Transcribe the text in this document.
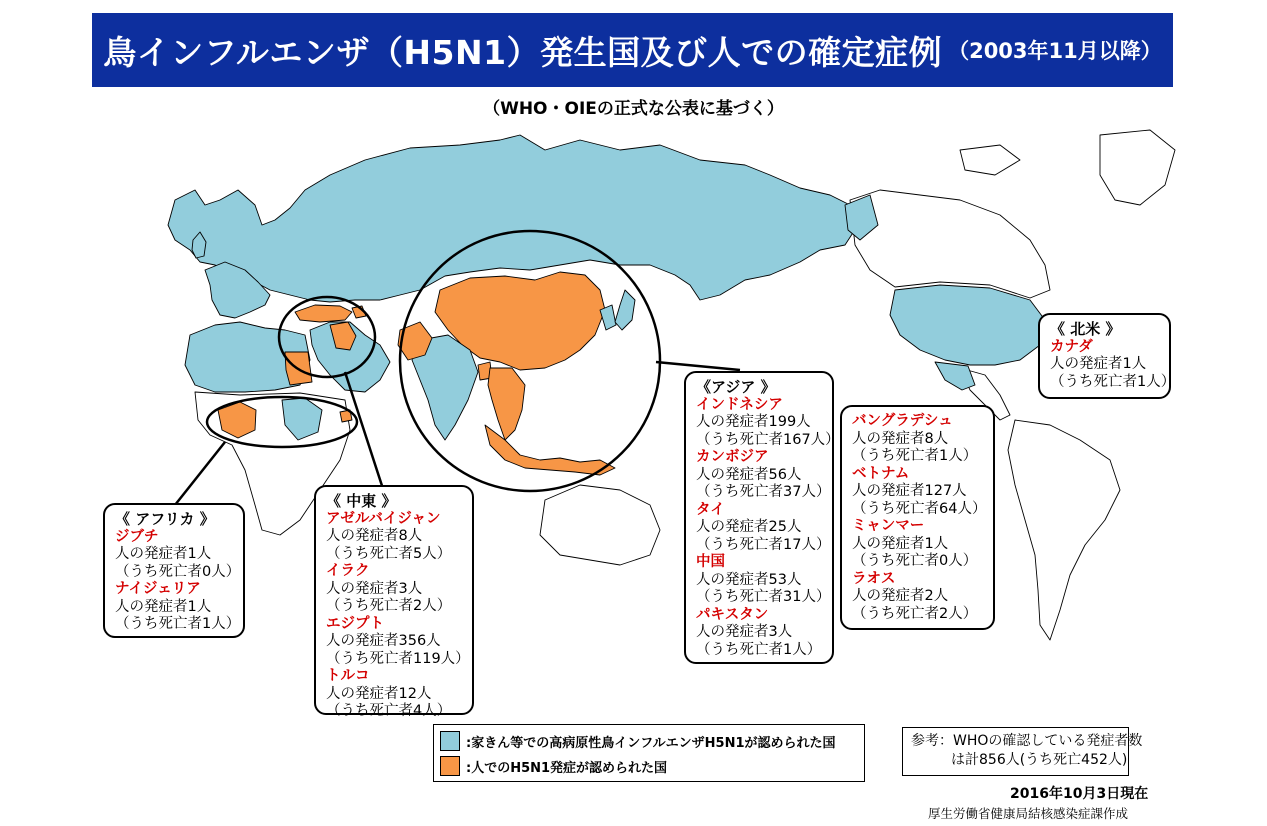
鳥インフルエンザ（H5N1）発生国及び人での確定症例 （2003年11月以降）
（WHO・OIEの正式な公表に基づく）
《 北米 》
カナダ
人の発症者1人
（うち死亡者1人）
《 アフリカ 》
ジブチ
人の発症者1人
（うち死亡者0人）
ナイジェリア
人の発症者1人
（うち死亡者1人）
《 中東 》
アゼルバイジャン
人の発症者8人
（うち死亡者5人）
イラク
人の発症者3人
（うち死亡者2人）
エジプト
人の発症者356人
（うち死亡者119人）
トルコ
人の発症者12人
（うち死亡者4人）
《アジア 》
インドネシア
人の発症者199人
（うち死亡者167人）
カンボジア
人の発症者56人
（うち死亡者37人）
タイ
人の発症者25人
（うち死亡者17人）
中国
人の発症者53人
（うち死亡者31人）
パキスタン
人の発症者3人
（うち死亡者1人）
バングラデシュ
人の発症者8人
（うち死亡者1人）
ベトナム
人の発症者127人
（うち死亡者64人）
ミャンマー
人の発症者1人
（うち死亡者0人）
ラオス
人の発症者2人
（うち死亡者2人）
:家きん等での高病原性鳥インフルエンザH5N1が認められた国
:人でのH5N1発症が認められた国
参考：WHOの確認している発症者数
は計856人(うち死亡452人)
2016年10月3日現在
厚生労働省健康局結核感染症課作成
